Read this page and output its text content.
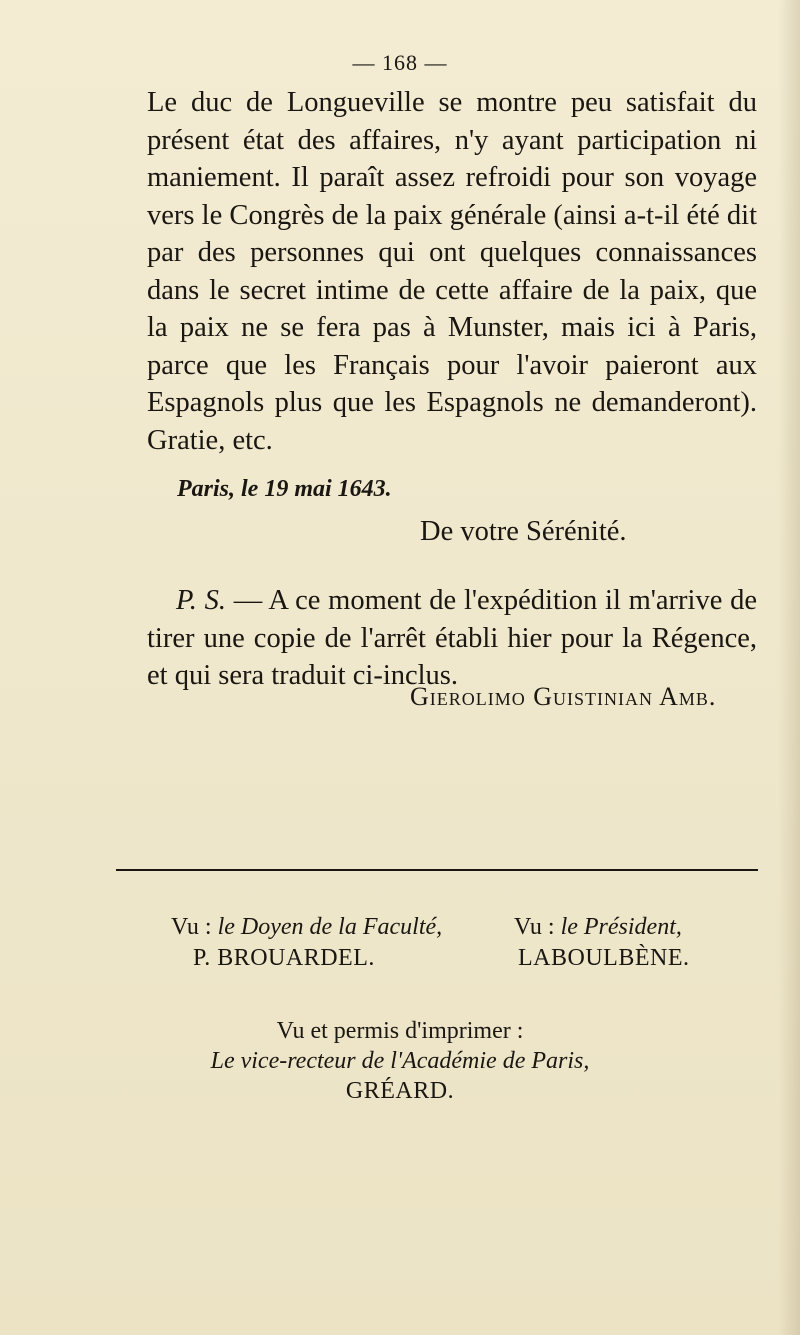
— 168 —

Le duc de Longueville se montre peu satisfait du présent état des affaires, n'y ayant participation ni maniement. Il paraît assez refroidi pour son voyage vers le Congrès de la paix générale (ainsi a-t-il été dit par des personnes qui ont quelques connaissances dans le secret intime de cette affaire de la paix, que la paix ne se fera pas à Munster, mais ici à Paris, parce que les Français pour l'avoir paieront aux Espagnols plus que les Espagnols ne demanderont). Gratie, etc.

Paris, le 19 mai 1643.
De votre Sérénité.

P. S. — A ce moment de l'expédition il m'arrive de tirer une copie de l'arrêt établi hier pour la Régence, et qui sera traduit ci-inclus.

Gierolimo Guistinian Amb.
Vu : le Doyen de la Faculté,
P. BROUARDEL.
Vu : le Président,
LABOULBÈNE.
Vu et permis d'imprimer :
Le vice-recteur de l'Académie de Paris,
GRÉARD.
